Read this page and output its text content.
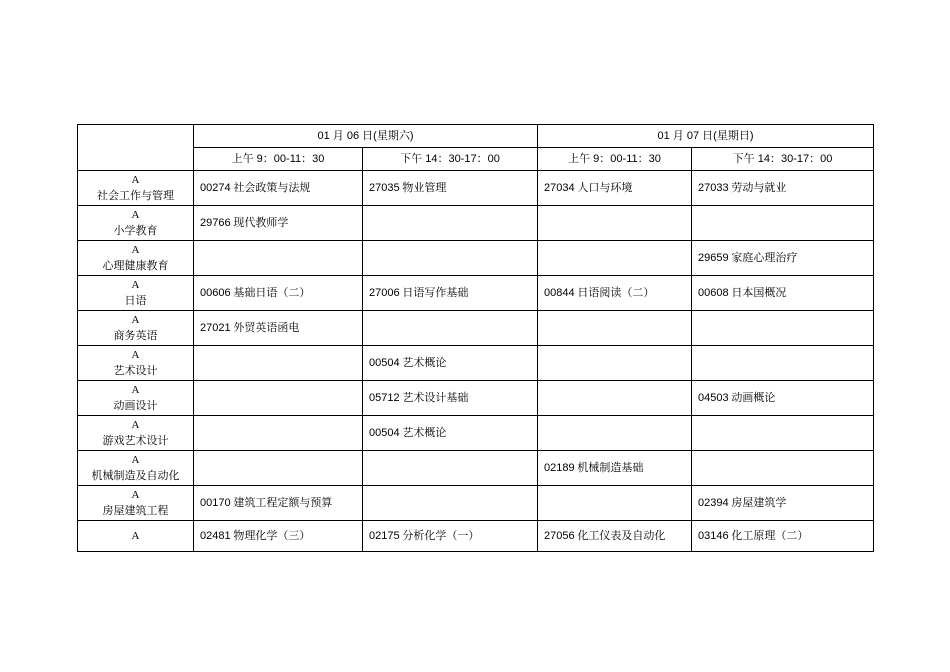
	01 月 06 日(星期六)		01 月 07 日(星期日)	
	上午 9：00-11：30	下午 14：30-17：00	上午 9：00-11：30	下午 14：30-17：00

A
社会工作与管理	00274 社会政策与法规	27035 物业管理	27034 人口与环境	27033 劳动与就业

A
小学教育	29766 现代教师学			

A
心理健康教育				29659 家庭心理治疗

A
日语	00606 基础日语（二）	27006 日语写作基础	00844 日语阅读（二）	00608 日本国概况

A
商务英语	27021 外贸英语函电			

A
艺术设计		00504 艺术概论		

A
动画设计		05712 艺术设计基础		04503 动画概论

A
游戏艺术设计		00504 艺术概论		

A
机械制造及自动化			02189 机械制造基础	

A
房屋建筑工程	00170 建筑工程定额与预算			02394 房屋建筑学

A	02481 物理化学（三）	02175 分析化学（一）	27056 化工仪表及自动化	03146 化工原理（二）
